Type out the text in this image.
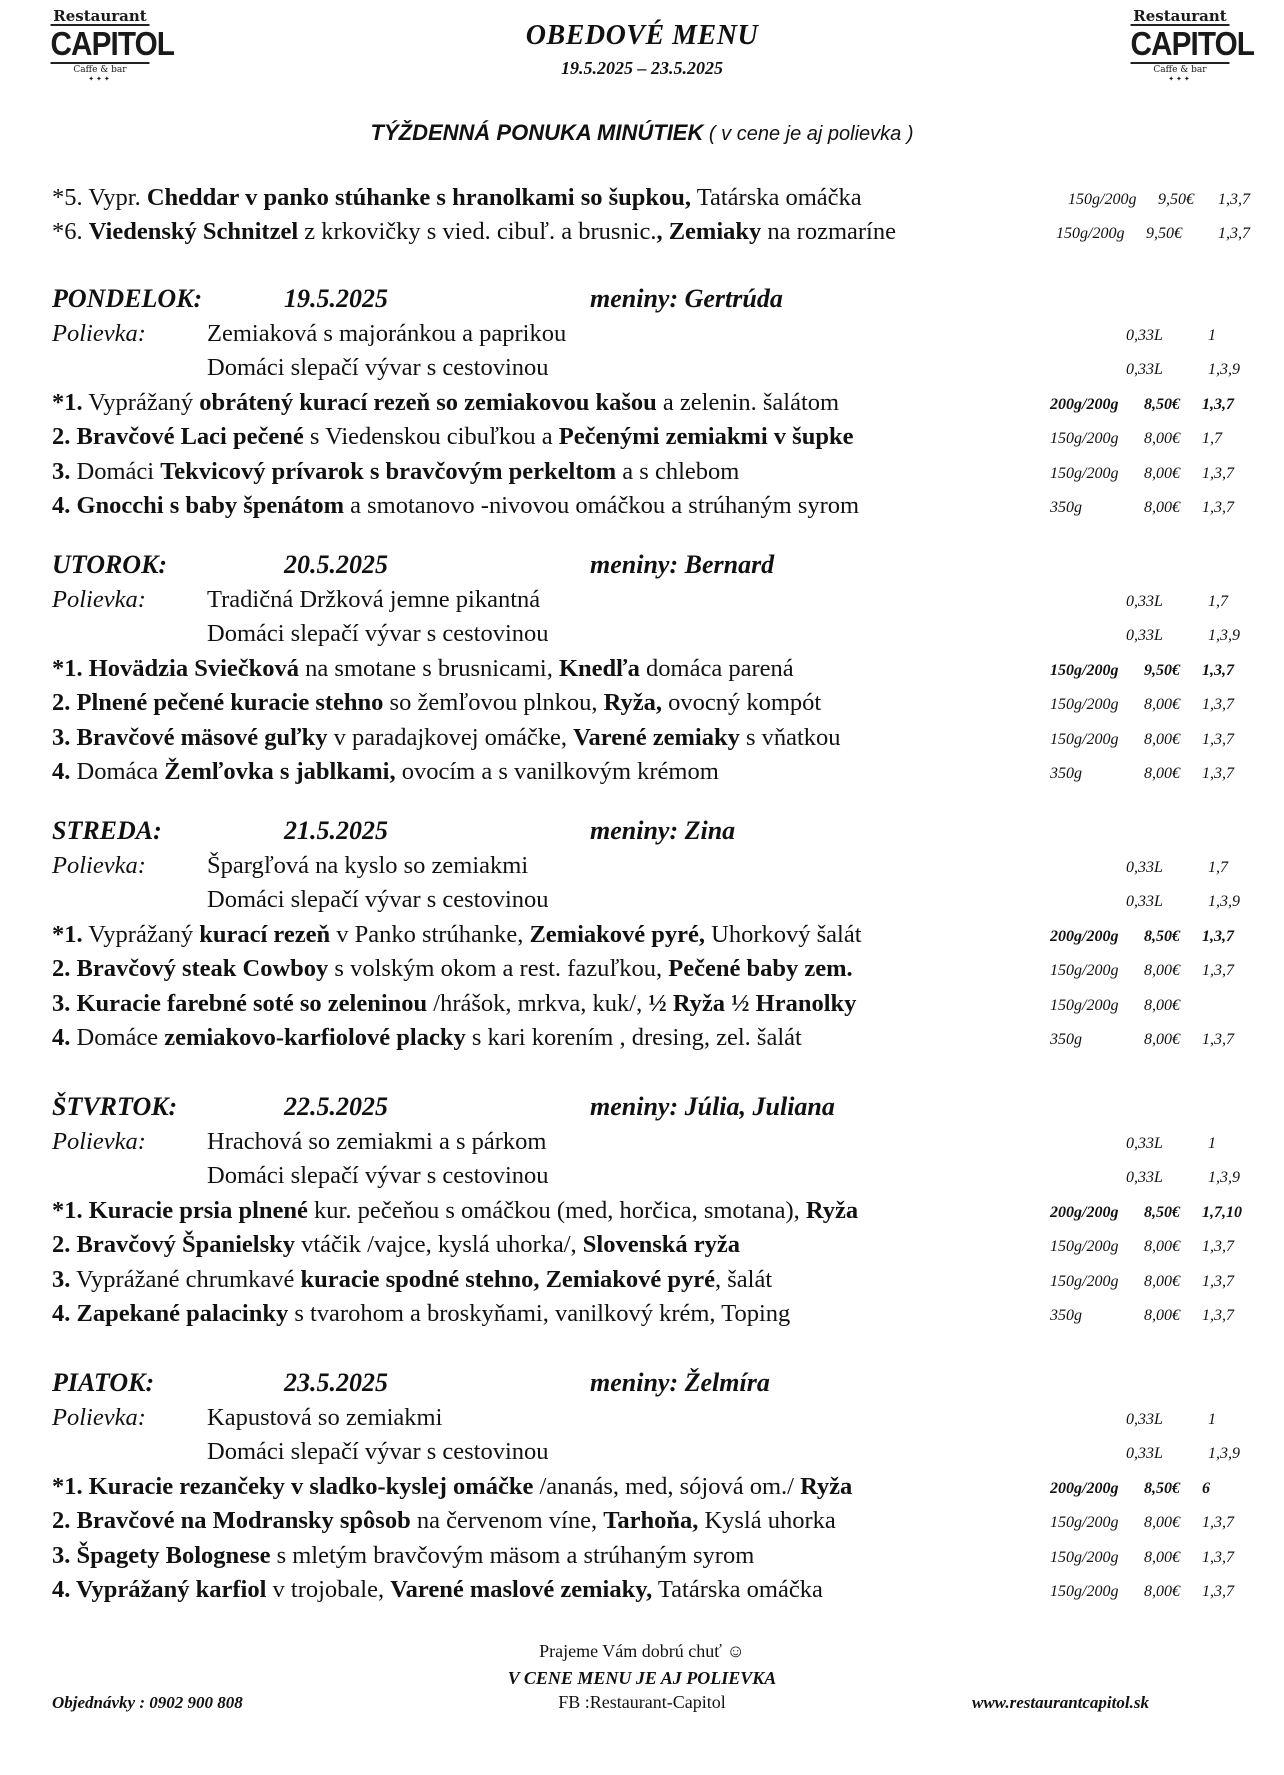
Restaurant
CAPITOL
Caffe & bar
✦✦✦
Restaurant
CAPITOL
Caffe & bar
✦✦✦
OBEDOVÉ MENU
19.5.2025 – 23.5.2025
TÝŽDENNÁ PONUKA MINÚTIEK ( v cene je aj polievka )
*5. Vypr. Cheddar v panko stúhanke s hranolkami so šupkou, Tatárska omáčka	150g/200g 9,50€ 1,3,7
*6. Viedenský Schnitzel z krkovičky s vied. cibuľ. a brusnic., Zemiaky na rozmaríne	150g/200g 9,50€ 1,3,7
PONDELOK:	19.5.2025	meniny: Gertrúda
Polievka: Zemiaková s majoránkou a paprikou	0,33L	1
Domáci slepačí vývar s cestovinou	0,33L	1,3,9
*1. Vyprážaný obrátený kurací rezeň so zemiakovou kašou a zelenin. šalátom	200g/200g 8,50€ 1,3,7
2. Bravčové Laci pečené s Viedenskou cibuľkou a Pečenými zemiakmi v šupke	150g/200g 8,00€ 1,7
3. Domáci Tekvicový prívarok s bravčovým perkeltom a s chlebom	150g/200g 8,00€ 1,3,7
4. Gnocchi s baby špenátom a smotanovo -nivovou omáčkou a strúhaným syrom	350g	8,00€ 1,3,7
UTOROK:	20.5.2025	meniny: Bernard
Polievka: Tradičná Držková jemne pikantná	0,33L	1,7
Domáci slepačí vývar s cestovinou	0,33L	1,3,9
*1. Hovädzia Sviečková na smotane s brusnicami, Knedľa domáca parená	150g/200g 9,50€ 1,3,7
2. Plnené pečené kuracie stehno so žemľovou plnkou, Ryža, ovocný kompót	150g/200g 8,00€ 1,3,7
3. Bravčové mäsové guľky v paradajkovej omáčke, Varené zemiaky s vňatkou	150g/200g 8,00€ 1,3,7
4. Domáca Žemľovka s jablkami, ovocím a s vanilkovým krémom	350g	8,00€ 1,3,7
STREDA:	21.5.2025	meniny: Zina
Polievka: Špargľová na kyslo so zemiakmi	0,33L	1,7
Domáci slepačí vývar s cestovinou	0,33L	1,3,9
*1. Vyprážaný kurací rezeň v Panko strúhanke, Zemiakové pyré, Uhorkový šalát	200g/200g 8,50€ 1,3,7
2. Bravčový steak Cowboy s volským okom a rest. fazuľkou, Pečené baby zem.	150g/200g 8,00€ 1,3,7
3. Kuracie farebné soté so zeleninou /hrášok, mrkva, kuk/, ½ Ryža ½ Hranolky	150g/200g 8,00€
4. Domáce zemiakovo-karfiolové placky s kari korením , dresing, zel. šalát	350g	8,00€ 1,3,7
ŠTVRTOK:	22.5.2025	meniny: Júlia, Juliana
Polievka: Hrachová so zemiakmi a s párkom	0,33L	1
Domáci slepačí vývar s cestovinou	0,33L	1,3,9
*1. Kuracie prsia plnené kur. pečeňou s omáčkou (med, horčica, smotana), Ryža	200g/200g 8,50€ 1,7,10
2. Bravčový Španielsky vtáčik /vajce, kyslá uhorka/, Slovenská ryža	150g/200g 8,00€ 1,3,7
3. Vyprážané chrumkavé kuracie spodné stehno, Zemiakové pyré, šalát	150g/200g 8,00€ 1,3,7
4. Zapekané palacinky s tvarohom a broskyňami, vanilkový krém, Toping	350g	8,00€ 1,3,7
PIATOK:	23.5.2025	meniny: Želmíra
Polievka: Kapustová so zemiakmi	0,33L	1
Domáci slepačí vývar s cestovinou	0,33L	1,3,9
*1. Kuracie rezančeky v sladko-kyslej omáčke /ananás, med, sójová om./ Ryža	200g/200g 8,50€ 6
2. Bravčové na Modransky spôsob na červenom víne, Tarhoňa, Kyslá uhorka	150g/200g 8,00€ 1,3,7
3. Špagety Bolognese s mletým bravčovým mäsom a strúhaným syrom	150g/200g 8,00€ 1,3,7
4. Vyprážaný karfiol v trojobale, Varené maslové zemiaky, Tatárska omáčka	150g/200g 8,00€ 1,3,7
Prajeme Vám dobrú chuť ☺
V CENE MENU JE AJ POLIEVKA
FB :Restaurant-Capitol
Objednávky : 0902 900 808	www.restaurantcapitol.sk
